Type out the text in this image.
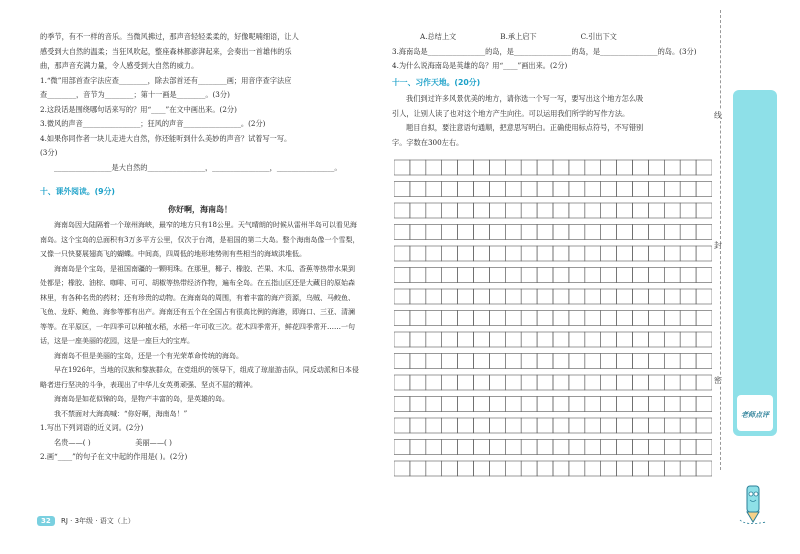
的季节，有不一样的音乐。当微风拂过，那声音轻轻柔柔的，好像呢喃细语，让人

感受到大自然的温柔；当狂风吹起，整座森林都澎湃起来，会奏出一首雄伟的乐

曲，那声音充满力量，令人感受到大自然的威力。

1.“微”用部首查字法应查________，除去部首还有________画；用音序查字法应

查________，音节为________；第十一画是________。(3分)

2.这段话是围绕哪句话来写的？用“____”在文中画出来。(2分)

3.微风的声音________________；狂风的声音________________。(2分)

4.如果你同作者一块儿走进大自然，你还能听到什么美妙的声音？试着写一写。

(3分)

________________是大自然的________________，________________，________________。

十、课外阅读。(9分)

你好啊，海南岛！

海南岛因大陆隔着一个琼州海峡，最窄的地方只有18公里。天气晴朗的时候从雷州半岛可以看见海南岛。这个宝岛的总面积有3万多平方公里，仅次于台湾，是祖国的第二大岛。整个海南岛像一个雪梨，又像一只快要展翅高飞的蝴蝶。中间高，四周低的地形地势则有些相当的海域洪堆低。

海南岛是个宝岛，是祖国南疆的一颗明珠。在那里，椰子、橡胶、芒果、木瓜、香蕉等热带水果到处都是；橡胶、油棕、咖啡、可可、胡椒等热带经济作物，遍布全岛。在五指山区还是大藏目的原始森林里，有各种名贵的药材；还有珍贵的动物。在海南岛的周围，有着丰富的海产资源，乌贼、马鲛鱼、飞鱼、龙虾、鲍鱼、海参等都有出产。海南还有五个在全国占有很高比例的海港，即海口、三亚、清澜等等。在平原区，一年四季可以种植水稻，水稻一年可收三次。花木四季常开，鲜花四季常开……一句话，这是一座美丽的花园，这是一座巨大的宝库。

海南岛不但是美丽的宝岛，还是一个有光荣革命传统的海岛。

早在1926年，当地的汉族和黎族群众，在党组织的领导下，组成了琼崖游击队，同反动派和日本侵略者进行坚决的斗争，表现出了中华儿女英勇顽强、坚贞不屈的精神。

海南岛是如花似锦的岛，是物产丰富的岛，是英雄的岛。

我不禁面对大海高喊：“你好啊，海南岛！”

1.写出下列词语的近义词。(2分)

名贵——( )	美丽——( )

2.画“____”的句子在文中起的作用是( )。(2分)

A.总结上文	B.承上启下	C.引出下文

3.海南岛是________________的岛，是________________的岛，是________________的岛。(3分)

4.为什么说海南岛是英雄的岛？用“____”画出来。(2分)

十一、习作天地。(20分)

我们到过许多风景优美的地方，请你选一个写一写，要写出这个地方怎么吸

引人，让别人读了也对这个地方产生向往。可以运用我们所学的写作方法。

题目自拟，要注意语句通顺，把意思写明白。正确使用标点符号，不写错别

字。字数在300左右。

线
封
密
老师点评
32 RJ · 3年级 · 语文（上）
